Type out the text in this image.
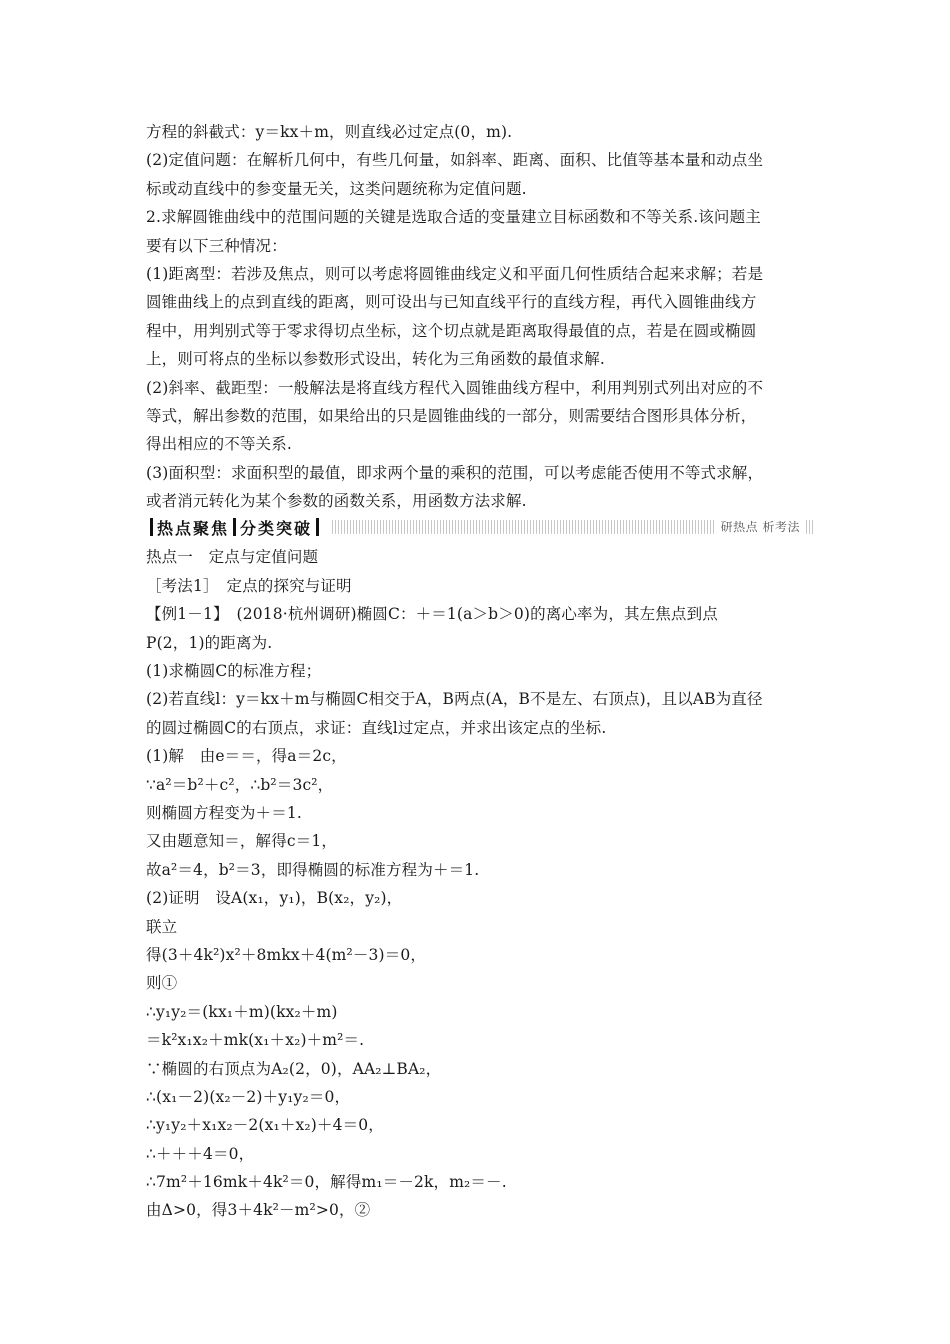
方程的斜截式：y＝kx＋m，则直线必过定点(0，m).
(2)定值问题：在解析几何中，有些几何量，如斜率、距离、面积、比值等基本量和动点坐
标或动直线中的参变量无关，这类问题统称为定值问题.
2.求解圆锥曲线中的范围问题的关键是选取合适的变量建立目标函数和不等关系.该问题主
要有以下三种情况：
(1)距离型：若涉及焦点，则可以考虑将圆锥曲线定义和平面几何性质结合起来求解；若是
圆锥曲线上的点到直线的距离，则可设出与已知直线平行的直线方程，再代入圆锥曲线方
程中，用判别式等于零求得切点坐标，这个切点就是距离取得最值的点，若是在圆或椭圆
上，则可将点的坐标以参数形式设出，转化为三角函数的最值求解.
(2)斜率、截距型：一般解法是将直线方程代入圆锥曲线方程中，利用判别式列出对应的不
等式，解出参数的范围，如果给出的只是圆锥曲线的一部分，则需要结合图形具体分析，
得出相应的不等关系.
(3)面积型：求面积型的最值，即求两个量的乘积的范围，可以考虑能否使用不等式求解，
或者消元转化为某个参数的函数关系，用函数方法求解.
热点聚焦 分类突破	研热点 析考法
热点一　定点与定值问题
［考法1］　定点的探究与证明
【例1－1】　(2018·杭州调研)椭圆C：＋＝1(a＞b＞0)的离心率为，其左焦点到点
P(2，1)的距离为.
(1)求椭圆C的标准方程；
(2)若直线l：y＝kx＋m与椭圆C相交于A，B两点(A，B不是左、右顶点)，且以AB为直径
的圆过椭圆C的右顶点，求证：直线l过定点，并求出该定点的坐标.
(1)解　由e＝＝，得a＝2c，
∵a²＝b²＋c²，∴b²＝3c²，
则椭圆方程变为＋＝1.
又由题意知＝，解得c＝1，
故a²＝4，b²＝3，即得椭圆的标准方程为＋＝1.
(2)证明　设A(x₁，y₁)，B(x₂，y₂)，
联立
得(3＋4k²)x²＋8mkx＋4(m²－3)＝0，
则①
∴y₁y₂＝(kx₁＋m)(kx₂＋m)
＝k²x₁x₂＋mk(x₁＋x₂)＋m²＝.
∵椭圆的右顶点为A₂(2，0)，AA₂⊥BA₂，
∴(x₁－2)(x₂－2)＋y₁y₂＝0，
∴y₁y₂＋x₁x₂－2(x₁＋x₂)＋4＝0，
∴＋＋＋4＝0，
∴7m²＋16mk＋4k²＝0，解得m₁＝－2k，m₂＝－.
由Δ>0，得3＋4k²－m²>0，②
